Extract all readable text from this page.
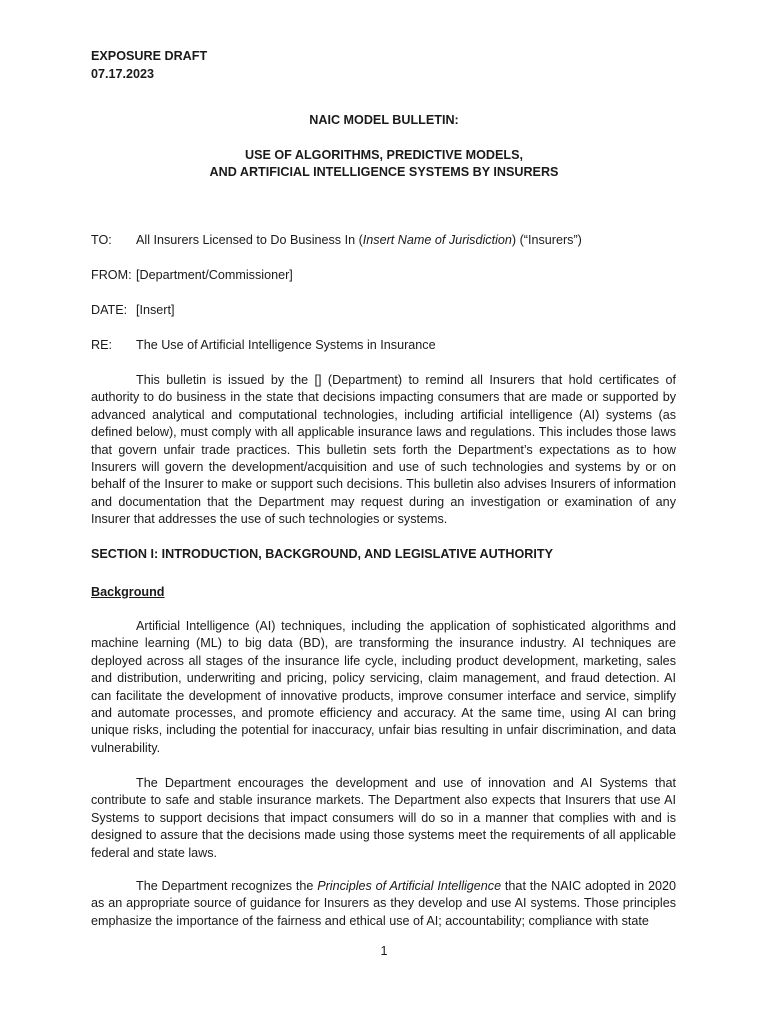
EXPOSURE DRAFT
07.17.2023
NAIC MODEL BULLETIN:
USE OF ALGORITHMS, PREDICTIVE MODELS,
AND ARTIFICIAL INTELLIGENCE SYSTEMS BY INSURERS
TO: All Insurers Licensed to Do Business In (Insert Name of Jurisdiction) (“Insurers”)
FROM: [Department/Commissioner]
DATE: [Insert]
RE: The Use of Artificial Intelligence Systems in Insurance
This bulletin is issued by the [] (Department) to remind all Insurers that hold certificates of authority to do business in the state that decisions impacting consumers that are made or supported by advanced analytical and computational technologies, including artificial intelligence (AI) systems (as defined below), must comply with all applicable insurance laws and regulations. This includes those laws that govern unfair trade practices. This bulletin sets forth the Department’s expectations as to how Insurers will govern the development/acquisition and use of such technologies and systems by or on behalf of the Insurer to make or support such decisions. This bulletin also advises Insurers of information and documentation that the Department may request during an investigation or examination of any Insurer that addresses the use of such technologies or systems.
SECTION I: INTRODUCTION, BACKGROUND, AND LEGISLATIVE AUTHORITY
Background
Artificial Intelligence (AI) techniques, including the application of sophisticated algorithms and machine learning (ML) to big data (BD), are transforming the insurance industry. AI techniques are deployed across all stages of the insurance life cycle, including product development, marketing, sales and distribution, underwriting and pricing, policy servicing, claim management, and fraud detection. AI can facilitate the development of innovative products, improve consumer interface and service, simplify and automate processes, and promote efficiency and accuracy. At the same time, using AI can bring unique risks, including the potential for inaccuracy, unfair bias resulting in unfair discrimination, and data vulnerability.
The Department encourages the development and use of innovation and AI Systems that contribute to safe and stable insurance markets. The Department also expects that Insurers that use AI Systems to support decisions that impact consumers will do so in a manner that complies with and is designed to assure that the decisions made using those systems meet the requirements of all applicable federal and state laws.
The Department recognizes the Principles of Artificial Intelligence that the NAIC adopted in 2020 as an appropriate source of guidance for Insurers as they develop and use AI systems. Those principles emphasize the importance of the fairness and ethical use of AI; accountability; compliance with state
1
